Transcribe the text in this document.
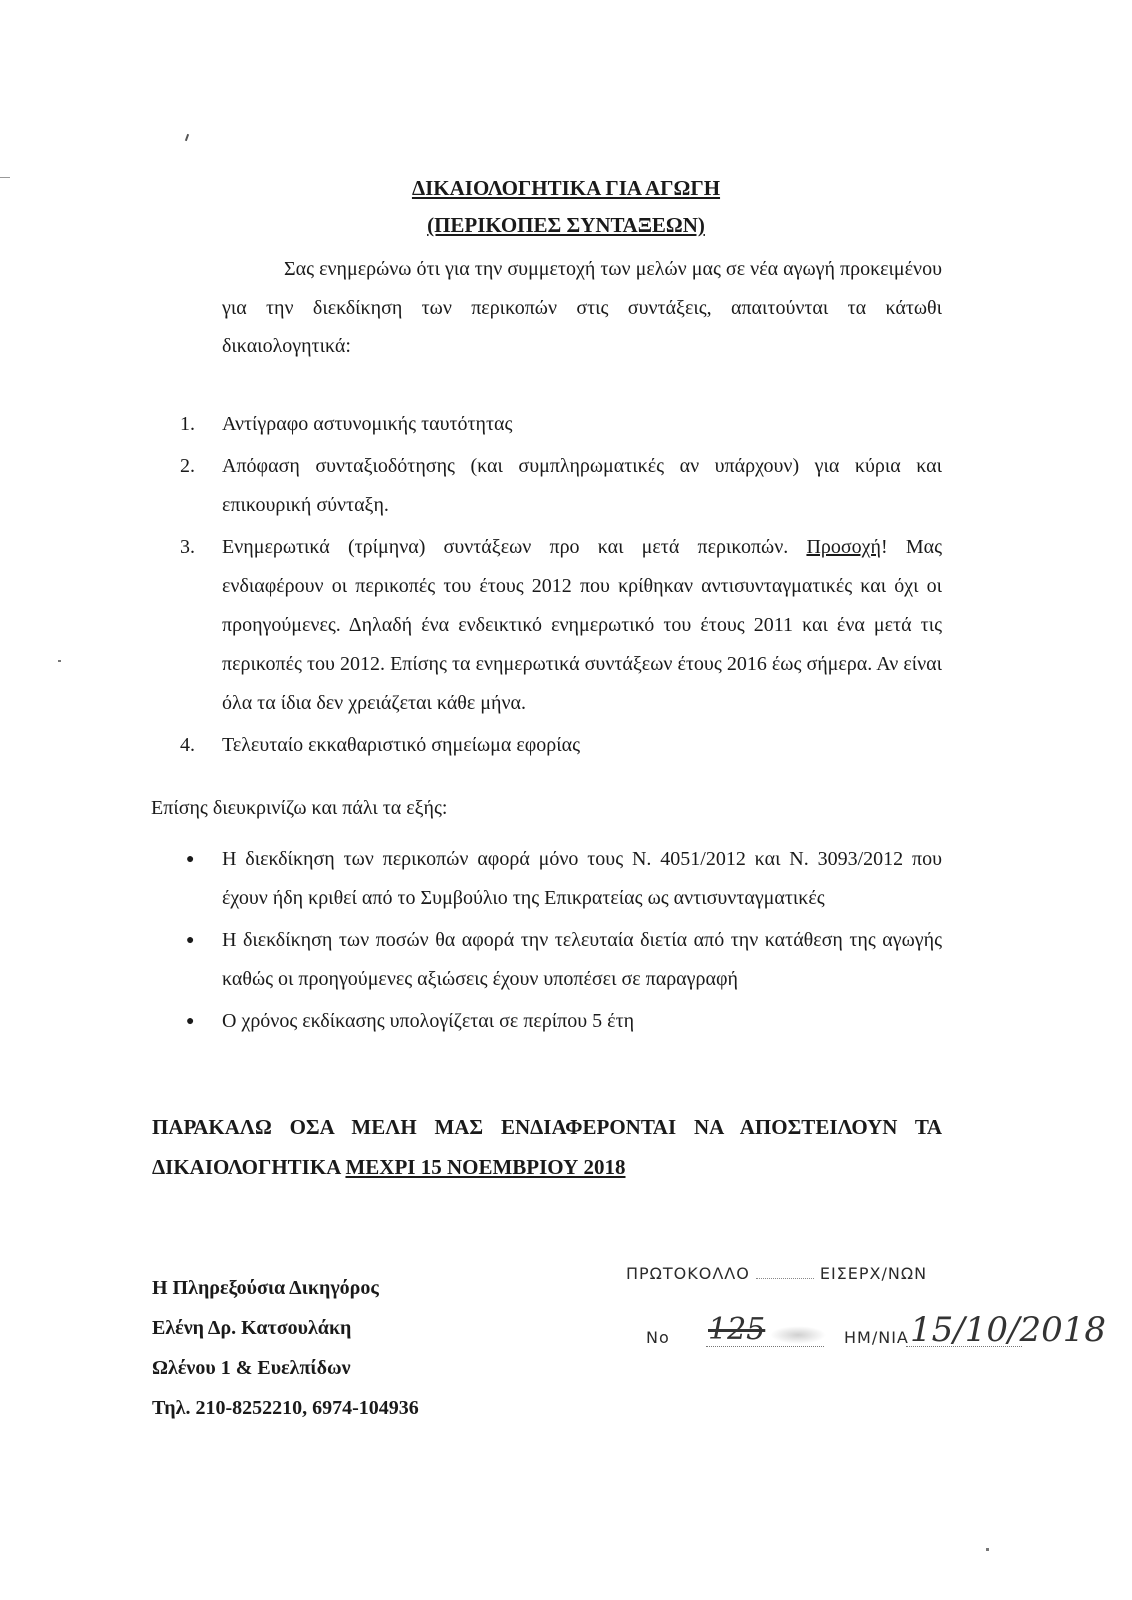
ΔΙΚΑΙΟΛΟΓΗΤΙΚΑ ΓΙΑ ΑΓΩΓΗ
(ΠΕΡΙΚΟΠΕΣ ΣΥΝΤΑΞΕΩΝ)
Σας ενημερώνω ότι για την συμμετοχή των μελών μας σε νέα αγωγή προκειμένου για την διεκδίκηση των περικοπών στις συντάξεις, απαιτούνται τα κάτωθι δικαιολογητικά:
1. Αντίγραφο αστυνομικής ταυτότητας
2. Απόφαση συνταξιοδότησης (και συμπληρωματικές αν υπάρχουν) για κύρια και επικουρική σύνταξη.
3. Ενημερωτικά (τρίμηνα) συντάξεων προ και μετά περικοπών. Προσοχή! Μας ενδιαφέρουν οι περικοπές του έτους 2012 που κρίθηκαν αντισυνταγματικές και όχι οι προηγούμενες. Δηλαδή ένα ενδεικτικό ενημερωτικό του έτους 2011 και ένα μετά τις περικοπές του 2012. Επίσης τα ενημερωτικά συντάξεων έτους 2016 έως σήμερα. Αν είναι όλα τα ίδια δεν χρειάζεται κάθε μήνα.
4. Τελευταίο εκκαθαριστικό σημείωμα εφορίας
Επίσης διευκρινίζω και πάλι τα εξής:
● Η διεκδίκηση των περικοπών αφορά μόνο τους Ν. 4051/2012 και Ν. 3093/2012 που έχουν ήδη κριθεί από το Συμβούλιο της Επικρατείας ως αντισυνταγματικές
● Η διεκδίκηση των ποσών θα αφορά την τελευταία διετία από την κατάθεση της αγωγής καθώς οι προηγούμενες αξιώσεις έχουν υποπέσει σε παραγραφή
● Ο χρόνος εκδίκασης υπολογίζεται σε περίπου 5 έτη
ΠΑΡΑΚΑΛΩ ΟΣΑ ΜΕΛΗ ΜΑΣ ΕΝΔΙΑΦΕΡΟΝΤΑΙ ΝΑ ΑΠΟΣΤΕΙΛΟΥΝ ΤΑ ΔΙΚΑΙΟΛΟΓΗΤΙΚΑ ΜΕΧΡΙ 15 ΝΟΕΜΒΡΙΟΥ 2018
Η Πληρεξούσια Δικηγόρος
Ελένη Δρ. Κατσουλάκη
Ωλένου 1 & Ευελπίδων
Τηλ. 210-8252210, 6974-104936
ΠΡΩΤΟΚΟΛΛΟ	ΕΙΣΕΡΧ/ΝΩΝ
No 125	ΗΜ/ΝΙΑ 15/10/2018
